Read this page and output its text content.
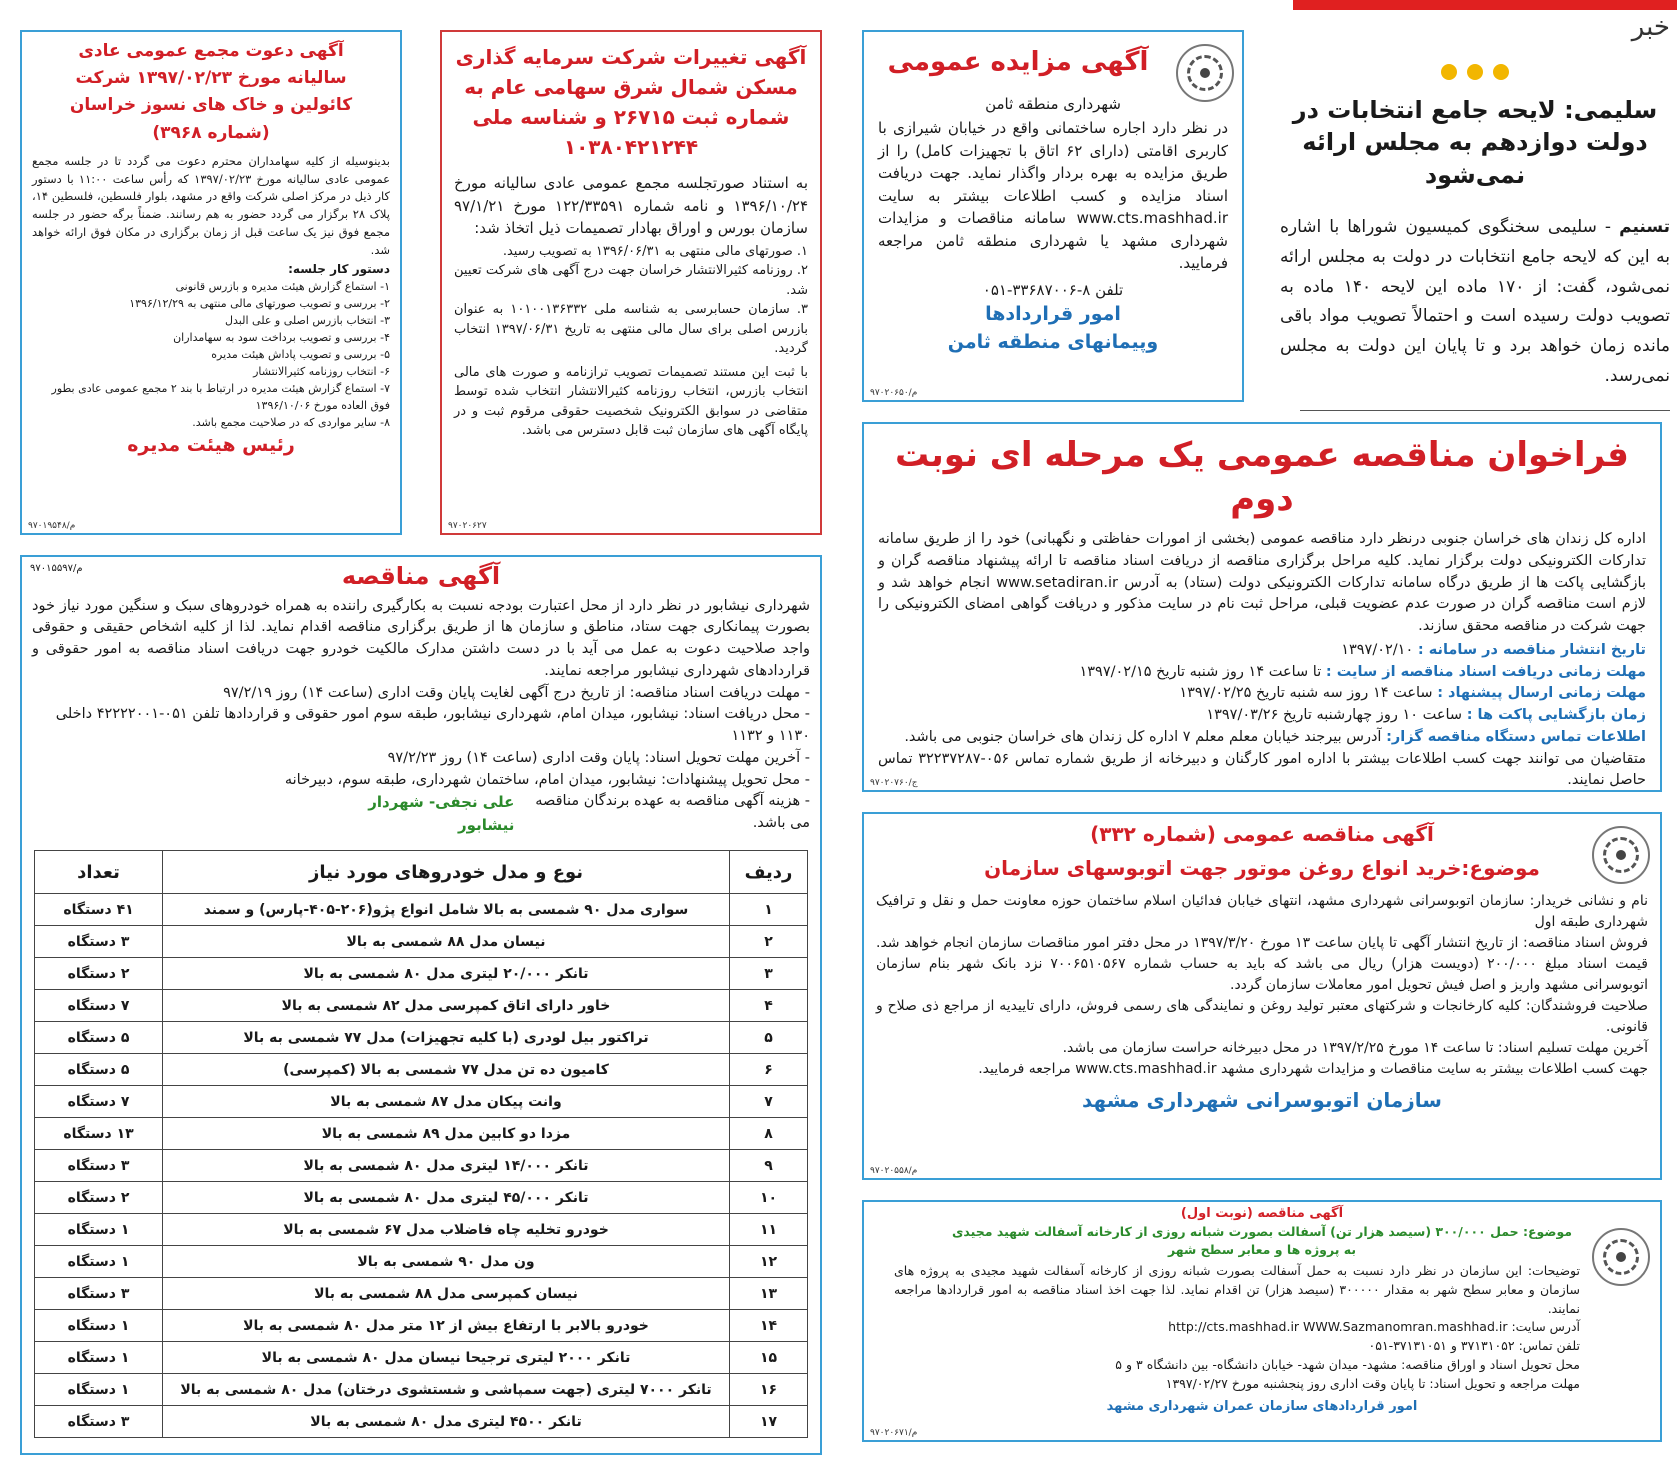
خبر
سلیمی: لایحه جامع انتخابات در دولت دوازدهم به مجلس ارائه نمی‌شود
تسنیم - سلیمی سخنگوی کمیسیون شوراها با اشاره به این که لایحه جامع انتخابات در دولت به مجلس ارائه نمی‌شود، گفت: از ۱۷۰ ماده این لایحه ۱۴۰ ماده به تصویب دولت رسیده است و احتمالاً تصویب مواد باقی مانده زمان خواهد برد و تا پایان این دولت به مجلس نمی‌رسد.
آگهی مزایده عمومی
شهرداری منطقه ثامن
در نظر دارد اجاره ساختمانی واقع در خیابان شیرازی با کاربری اقامتی (دارای ۶۲ اتاق با تجهیزات کامل) را از طریق مزایده به بهره بردار واگذار نماید. جهت دریافت اسناد مزایده و کسب اطلاعات بیشتر به سایت www.cts.mashhad.ir سامانه مناقصات و مزایدات شهرداری مشهد یا شهرداری منطقه ثامن مراجعه فرمایید.
تلفن ۸-۳۳۶۸۷۰۰۶-۰۵۱
امور قراردادها
وپیمانهای منطقه ثامن
م/۹۷۰۲۰۶۵۰
آگهی تغییرات شرکت سرمایه گذاری مسکن شمال شرق سهامی عام به شماره ثبت ۲۶۷۱۵ و شناسه ملی ۱۰۳۸۰۴۲۱۲۴۴
به استناد صورتجلسه مجمع عمومی عادی سالیانه مورخ ۱۳۹۶/۱۰/۲۴ و نامه شماره ۱۲۲/۳۳۵۹۱ مورخ ۹۷/۱/۲۱ سازمان بورس و اوراق بهادار تصمیمات ذیل اتخاذ شد:
۱. صورتهای مالی منتهی به ۱۳۹۶/۰۶/۳۱ به تصویب رسید.
۲. روزنامه کثیرالانتشار خراسان جهت درج آگهی های شرکت تعیین شد.
۳. سازمان حسابرسی به شناسه ملی ۱۰۱۰۰۱۳۶۳۳۲ به عنوان بازرس اصلی برای سال مالی منتهی به تاریخ ۱۳۹۷/۰۶/۳۱ انتخاب گردید.
با ثبت این مستند تصمیمات تصویب ترازنامه و صورت های مالی انتخاب بازرس، انتخاب روزنامه کثیرالانتشار انتخاب شده توسط متقاضی در سوابق الکترونیک شخصیت حقوقی مرقوم ثبت و در پایگاه آگهی های سازمان ثبت قابل دسترس می باشد.
۹۷۰۲۰۶۲۷
آگهی دعوت مجمع عمومی عادی سالیانه مورخ ۱۳۹۷/۰۲/۲۳ شرکت کائولین و خاک های نسوز خراسان (شماره ۳۹۶۸)
بدینوسیله از کلیه سهامداران محترم دعوت می گردد تا در جلسه مجمع عمومی عادی سالیانه مورخ ۱۳۹۷/۰۲/۲۳ که رأس ساعت ۱۱:۰۰ با دستور کار ذیل در مرکز اصلی شرکت واقع در مشهد، بلوار فلسطین، فلسطین ۱۴، پلاک ۲۸ برگزار می گردد حضور به هم رسانند. ضمناً برگه حضور در جلسه مجمع فوق نیز یک ساعت قبل از زمان برگزاری در مکان فوق ارائه خواهد شد.
دستور کار جلسه:
۱- استماع گزارش هیئت مدیره و بازرس قانونی
۲- بررسی و تصویب صورتهای مالی منتهی به ۱۳۹۶/۱۲/۲۹
۳- انتخاب بازرس اصلی و علی البدل
۴- بررسی و تصویب برداخت سود به سهامداران
۵- بررسی و تصویب پاداش هیئت مدیره
۶- انتخاب روزنامه کثیرالانتشار
۷- استماع گزارش هیئت مدیره در ارتباط با بند ۲ مجمع عمومی عادی بطور فوق العاده مورخ ۱۳۹۶/۱۰/۰۶
۸- سایر مواردی که در صلاحیت مجمع باشد.
رئیس هیئت مدیره
م/۹۷۰۱۹۵۴۸
فراخوان مناقصه عمومی یک مرحله ای نوبت دوم
اداره کل زندان های خراسان جنوبی درنظر دارد مناقصه عمومی (بخشی از امورات حفاظتی و نگهبانی) خود را از طریق سامانه تدارکات الکترونیکی دولت برگزار نماید. کلیه مراحل برگزاری مناقصه از دریافت اسناد مناقصه تا ارائه پیشنهاد مناقصه گران و بازگشایی پاکت ها از طریق درگاه سامانه تدارکات الکترونیکی دولت (ستاد) به آدرس www.setadiran.ir انجام خواهد شد و لازم است مناقصه گران در صورت عدم عضویت قبلی، مراحل ثبت نام در سایت مذکور و دریافت گواهی امضای الکترونیکی را جهت شرکت در مناقصه محقق سازند.
تاریخ انتشار مناقصه در سامانه : ۱۳۹۷/۰۲/۱۰
مهلت زمانی دریافت اسناد مناقصه از سایت : تا ساعت ۱۴ روز شنبه تاریخ ۱۳۹۷/۰۲/۱۵
مهلت زمانی ارسال پیشنهاد : ساعت ۱۴ روز سه شنبه تاریخ ۱۳۹۷/۰۲/۲۵
زمان بازگشایی پاکت ها : ساعت ۱۰ روز چهارشنبه تاریخ ۱۳۹۷/۰۳/۲۶
اطلاعات تماس دستگاه مناقصه گزار: آدرس بیرجند خیابان معلم معلم ۷ اداره کل زندان های خراسان جنوبی می باشد.
متقاضیان می توانند جهت کسب اطلاعات بیشتر با اداره امور کارگنان و دبیرخانه از طریق شماره تماس ۰۵۶-۳۲۲۳۷۲۸۷ تماس حاصل نمایند.
ج/۹۷۰۲۰۷۶۰
م/۹۷۰۱۵۵۹۷	آگهی مناقصه
شهرداری نیشابور در نظر دارد از محل اعتبارت بودجه نسبت به بکارگیری راننده به همراه خودروهای سبک و سنگین مورد نیاز خود بصورت پیمانکاری جهت ستاد، مناطق و سازمان ها از طریق برگزاری مناقصه اقدام نماید. لذا از کلیه اشخاص حقیقی و حقوقی واجد صلاحیت دعوت به عمل می آید با در دست داشتن مدارک مالکیت خودرو جهت دریافت اسناد مناقصه به امور حقوقی و قراردادهای شهرداری نیشابور مراجعه نمایند.
- مهلت دریافت اسناد مناقصه: از تاریخ درج آگهی لغایت پایان وقت اداری (ساعت ۱۴) روز ۹۷/۲/۱۹
- محل دریافت اسناد: نیشابور، میدان امام، شهرداری نیشابور، طبقه سوم امور حقوقی و قراردادها تلفن ۰۵۱-۴۲۲۲۲۰۰۱ داخلی ۱۱۳۰ و ۱۱۳۲
- آخرین مهلت تحویل اسناد: پایان وقت اداری (ساعت ۱۴) روز ۹۷/۲/۲۳
- محل تحویل پیشنهادات: نیشابور، میدان امام، ساختمان شهرداری، طبقه سوم، دبیرخانه
- هزینه آگهی مناقصه به عهده برندگان مناقصه می باشد.
علی نجفی- شهردار نیشابور
ردیف	نوع و مدل خودروهای مورد نیاز	تعداد
۱	سواری مدل ۹۰ شمسی به بالا شامل انواع پژو(۲۰۶-۴۰۵-پارس) و سمند	۴۱ دستگاه
۲	نیسان مدل ۸۸ شمسی به بالا	۳ دستگاه
۳	تانکر ۲۰/۰۰۰ لیتری مدل ۸۰ شمسی به بالا	۲ دستگاه
۴	خاور دارای اتاق کمپرسی مدل ۸۲ شمسی به بالا	۷ دستگاه
۵	تراکتور بیل لودری (با کلیه تجهیزات) مدل ۷۷ شمسی به بالا	۵ دستگاه
۶	کامیون ده تن مدل ۷۷ شمسی به بالا (کمپرسی)	۵ دستگاه
۷	وانت پیکان مدل ۸۷ شمسی به بالا	۷ دستگاه
۸	مزدا دو کابین مدل ۸۹ شمسی به بالا	۱۳ دستگاه
۹	تانکر ۱۴/۰۰۰ لیتری مدل ۸۰ شمسی به بالا	۳ دستگاه
۱۰	تانکر ۴۵/۰۰۰ لیتری مدل ۸۰ شمسی به بالا	۲ دستگاه
۱۱	خودرو تخلیه چاه فاضلاب مدل ۶۷ شمسی به بالا	۱ دستگاه
۱۲	ون مدل ۹۰ شمسی به بالا	۱ دستگاه
۱۳	نیسان کمپرسی مدل ۸۸ شمسی به بالا	۳ دستگاه
۱۴	خودرو بالابر با ارتفاع بیش از ۱۲ متر مدل ۸۰ شمسی به بالا	۱ دستگاه
۱۵	تانکر ۲۰۰۰ لیتری ترجیحا نیسان مدل ۸۰ شمسی به بالا	۱ دستگاه
۱۶	تانکر ۷۰۰۰ لیتری (جهت سمپاشی و شستشوی درختان) مدل ۸۰ شمسی به بالا	۱ دستگاه
۱۷	تانکر ۴۵۰۰ لیتری مدل ۸۰ شمسی به بالا	۳ دستگاه
آگهی مناقصه عمومی (شماره ۳۳۲)
موضوع:خرید انواع روغن موتور جهت اتوبوسهای سازمان
نام و نشانی خریدار: سازمان اتوبوسرانی شهرداری مشهد، انتهای خیابان فدائیان اسلام ساختمان حوزه معاونت حمل و نقل و ترافیک شهرداری طبقه اول
فروش اسناد مناقصه: از تاریخ انتشار آگهی تا پایان ساعت ۱۳ مورخ ۱۳۹۷/۳/۲۰ در محل دفتر امور مناقصات سازمان انجام خواهد شد. قیمت اسناد مبلغ ۲۰۰/۰۰۰ (دویست هزار) ریال می باشد که باید به حساب شماره ۷۰۰۶۵۱۰۵۶۷ نزد بانک شهر بنام سازمان اتوبوسرانی مشهد واریز و اصل فیش تحویل امور معاملات سازمان گردد.
صلاحیت فروشندگان: کلیه کارخانجات و شرکتهای معتبر تولید روغن و نمایندگی های رسمی فروش، دارای تاییدیه از مراجع ذی صلاح و قانونی.
آخرین مهلت تسلیم اسناد: تا ساعت ۱۴ مورخ ۱۳۹۷/۲/۲۵ در محل دبیرخانه حراست سازمان می باشد.
جهت کسب اطلاعات بیشتر به سایت مناقصات و مزایدات شهرداری مشهد www.cts.mashhad.ir مراجعه فرمایید.
سازمان اتوبوسرانی شهرداری مشهد
م/۹۷۰۲۰۵۵۸
آگهی مناقصه (نوبت اول)
موضوع: حمل ۳۰۰/۰۰۰ (سیصد هزار تن) آسفالت بصورت شبانه روزی از کارخانه آسفالت شهید مجیدی به پروژه ها و معابر سطح شهر
توضیحات: این سازمان در نظر دارد نسبت به حمل آسفالت بصورت شبانه روزی از کارخانه آسفالت شهید مجیدی به پروژه های سازمان و معابر سطح شهر به مقدار ۳۰۰۰۰۰ (سیصد هزار) تن اقدام نماید. لذا جهت اخذ اسناد مناقصه به امور قراردادها مراجعه نمایند.
آدرس سایت: http://cts.mashhad.ir WWW.Sazmanomran.mashhad.ir
تلفن تماس: ۳۷۱۳۱۰۵۲ و ۳۷۱۳۱۰۵۱-۰۵۱
محل تحویل اسناد و اوراق مناقصه: مشهد- میدان شهد- خیابان دانشگاه- بین دانشگاه ۳ و ۵
مهلت مراجعه و تحویل اسناد: تا پایان وقت اداری روز پنجشنبه مورخ ۱۳۹۷/۰۲/۲۷
امور قراردادهای سازمان عمران شهرداری مشهد
م/۹۷۰۲۰۶۷۱
